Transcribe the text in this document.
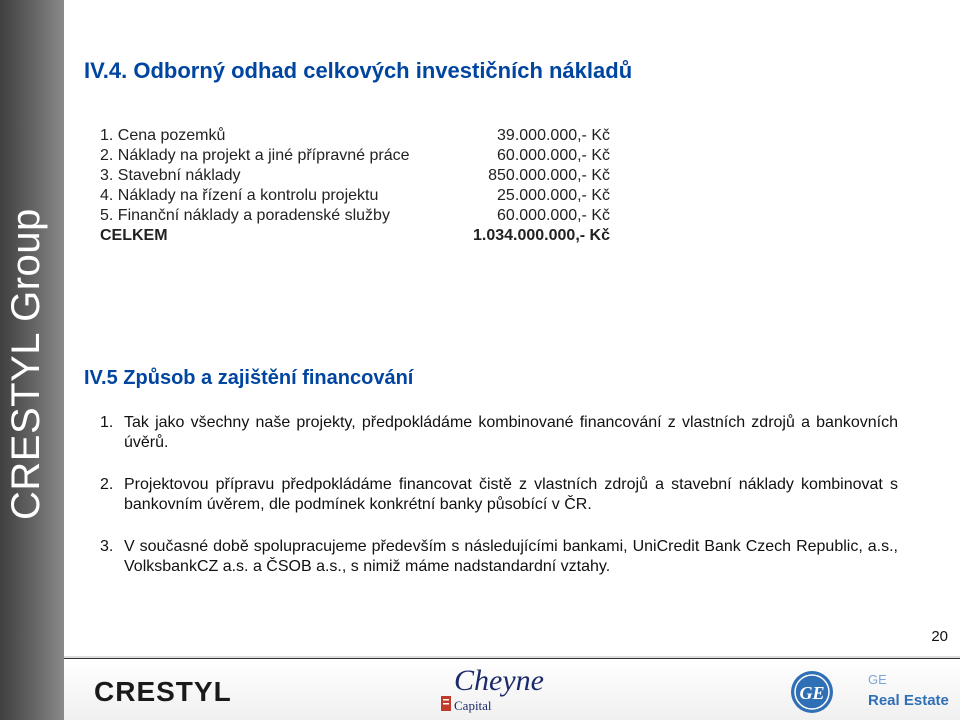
CRESTYL Group
IV.4. Odborný odhad celkových investičních nákladů
1. Cena pozemků	39.000.000,- Kč
2. Náklady na projekt a jiné přípravné práce	60.000.000,- Kč
3. Stavební náklady	850.000.000,- Kč
4. Náklady na řízení a kontrolu projektu	25.000.000,- Kč
5. Finanční náklady a poradenské služby	60.000.000,- Kč
CELKEM	1.034.000.000,- Kč
IV.5 Způsob a zajištění financování
1. Tak jako všechny naše projekty, předpokládáme kombinované financování z vlastních zdrojů a bankovních úvěrů.
2. Projektovou přípravu předpokládáme financovat čistě z vlastních zdrojů a stavební náklady kombinovat s bankovním úvěrem, dle podmínek konkrétní banky působící v ČR.
3. V současné době spolupracujeme především s následujícími bankami, UniCredit Bank Czech Republic, a.s., VolksbankCZ a.s. a ČSOB a.s., s nimiž máme nadstandardní vztahy.
20
CRESTYL	Cheyne
Capital
GE
GE
Real Estate
